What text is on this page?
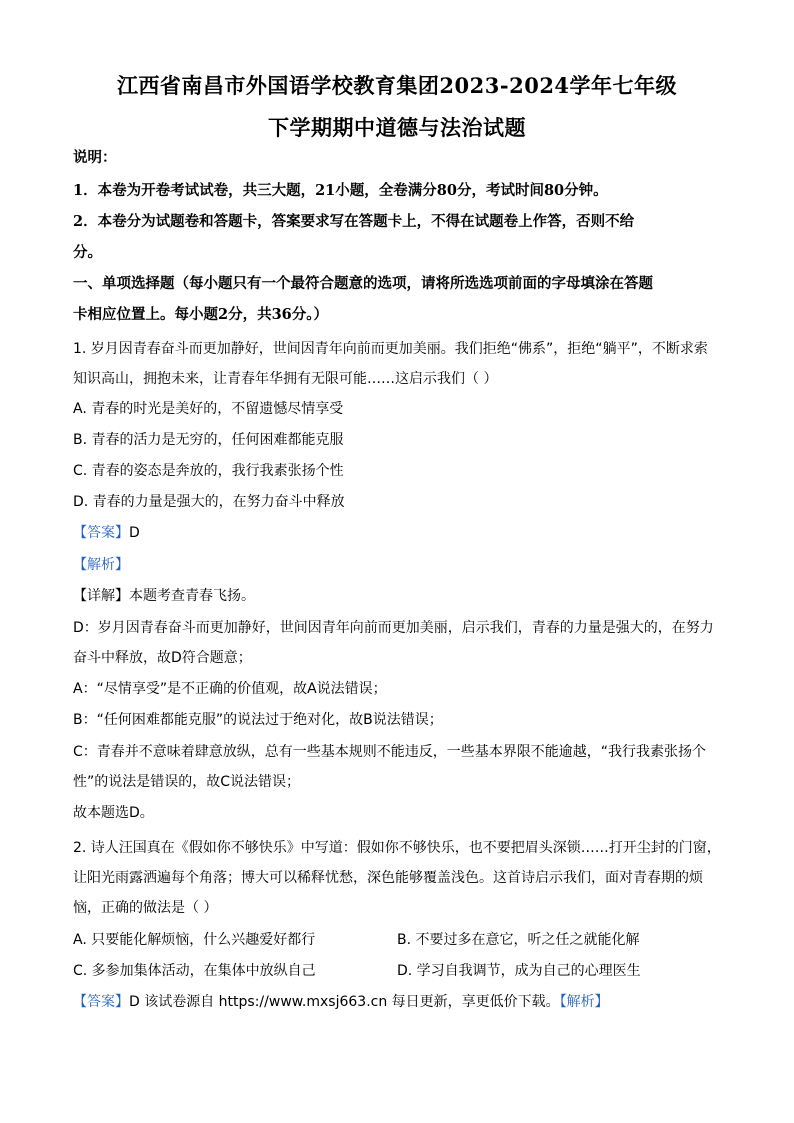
江西省南昌市外国语学校教育集团2023-2024学年七年级
下学期期中道德与法治试题
说明：
1．本卷为开卷考试试卷，共三大题，21小题，全卷满分80分，考试时间80分钟。
2．本卷分为试题卷和答题卡，答案要求写在答题卡上，不得在试题卷上作答，否则不给
分。
一、单项选择题（每小题只有一个最符合题意的选项，请将所选选项前面的字母填涂在答题
卡相应位置上。每小题2分，共36分。）
1. 岁月因青春奋斗而更加静好，世间因青年向前而更加美丽。我们拒绝“佛系”，拒绝“躺平”，不断求索
知识高山，拥抱未来，让青春年华拥有无限可能……这启示我们（ ）
A. 青春的时光是美好的，不留遗憾尽情享受
B. 青春的活力是无穷的，任何困难都能克服
C. 青春的姿态是奔放的，我行我素张扬个性
D. 青春的力量是强大的，在努力奋斗中释放
【答案】D
【解析】
【详解】本题考查青春飞扬。
D：岁月因青春奋斗而更加静好，世间因青年向前而更加美丽，启示我们，青春的力量是强大的，在努力
奋斗中释放，故D符合题意；
A：“尽情享受”是不正确的价值观，故A说法错误；
B：“任何困难都能克服”的说法过于绝对化，故B说法错误；
C：青春并不意味着肆意放纵，总有一些基本规则不能违反，一些基本界限不能逾越，“我行我素张扬个
性”的说法是错误的，故C说法错误；
故本题选D。
2. 诗人汪国真在《假如你不够快乐》中写道：假如你不够快乐，也不要把眉头深锁……打开尘封的门窗，
让阳光雨露洒遍每个角落；博大可以稀释忧愁，深色能够覆盖浅色。这首诗启示我们，面对青春期的烦
恼，正确的做法是（ ）
A. 只要能化解烦恼，什么兴趣爱好都行	B. 不要过多在意它，听之任之就能化解
C. 多参加集体活动，在集体中放纵自己	D. 学习自我调节，成为自己的心理医生
【答案】D 该试卷源自 https://www.mxsj663.cn 每日更新，享更低价下载。【解析】
